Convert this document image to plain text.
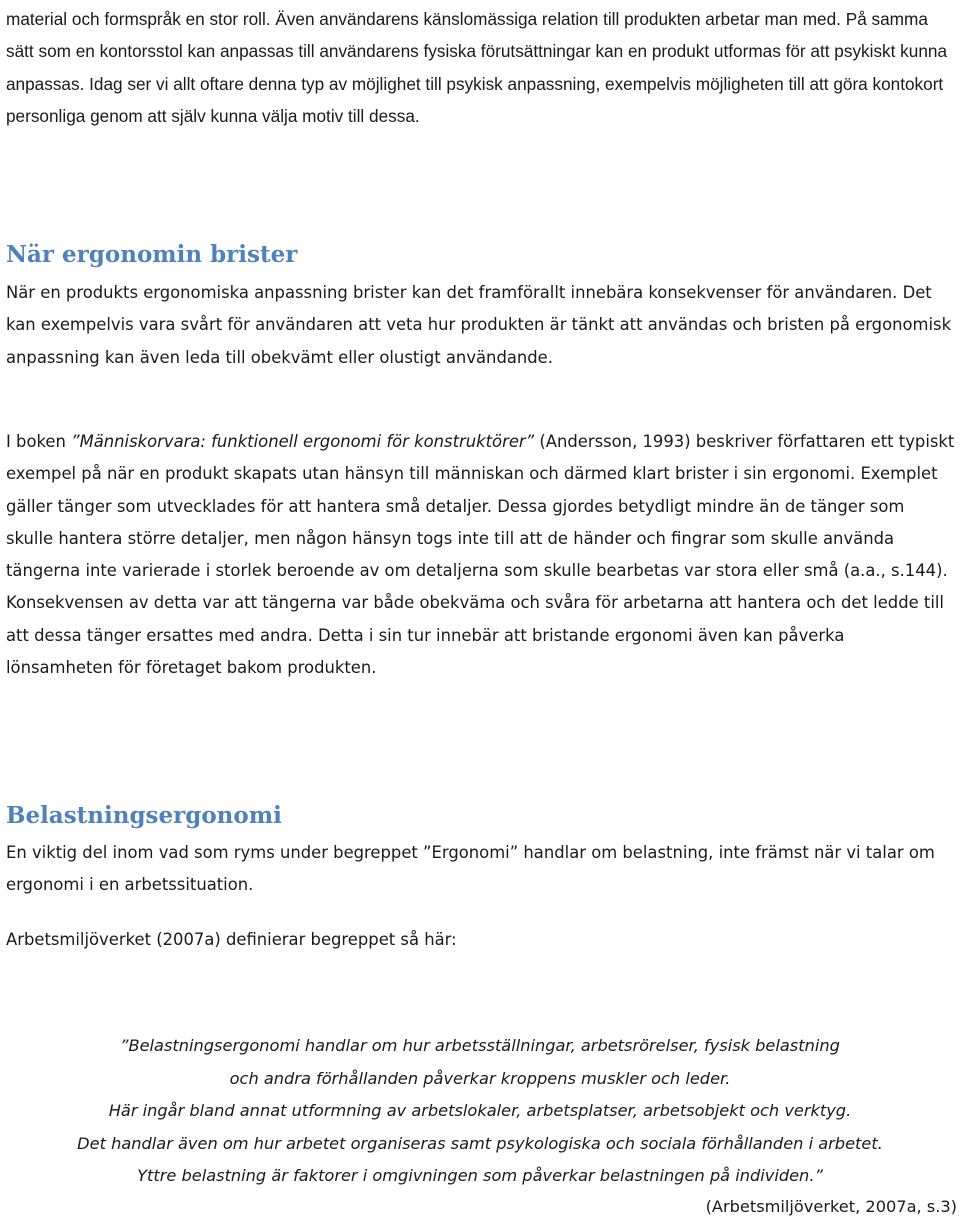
material och formspråk en stor roll. Även användarens känslomässiga relation till produkten arbetar man med. På samma sätt som en kontorsstol kan anpassas till användarens fysiska förutsättningar kan en produkt utformas för att psykiskt kunna anpassas. Idag ser vi allt oftare denna typ av möjlighet till psykisk anpassning, exempelvis möjligheten till att göra kontokort personliga genom att själv kunna välja motiv till dessa.

När ergonomin brister

När en produkts ergonomiska anpassning brister kan det framförallt innebära konsekvenser för användaren. Det kan exempelvis vara svårt för användaren att veta hur produkten är tänkt att användas och bristen på ergonomisk anpassning kan även leda till obekvämt eller olustigt användande.

I boken ”Människorvara: funktionell ergonomi för konstruktörer” (Andersson, 1993) beskriver författaren ett typiskt exempel på när en produkt skapats utan hänsyn till människan och därmed klart brister i sin ergonomi. Exemplet gäller tänger som utvecklades för att hantera små detaljer. Dessa gjordes betydligt mindre än de tänger som skulle hantera större detaljer, men någon hänsyn togs inte till att de händer och fingrar som skulle använda tängerna inte varierade i storlek beroende av om detaljerna som skulle bearbetas var stora eller små (a.a., s.144). Konsekvensen av detta var att tängerna var både obekväma och svåra för arbetarna att hantera och det ledde till att dessa tänger ersattes med andra. Detta i sin tur innebär att bristande ergonomi även kan påverka lönsamheten för företaget bakom produkten.

Belastningsergonomi

En viktig del inom vad som ryms under begreppet ”Ergonomi” handlar om belastning, inte främst när vi talar om ergonomi i en arbetssituation.

Arbetsmiljöverket (2007a) definierar begreppet så här:

”Belastningsergonomi handlar om hur arbetsställningar, arbetsrörelser, fysisk belastning
och andra förhållanden påverkar kroppens muskler och leder.
Här ingår bland annat utformning av arbetslokaler, arbetsplatser, arbetsobjekt och verktyg.
Det handlar även om hur arbetet organiseras samt psykologiska och sociala förhållanden i arbetet.
Yttre belastning är faktorer i omgivningen som påverkar belastningen på individen.”
(Arbetsmiljöverket, 2007a, s.3)
